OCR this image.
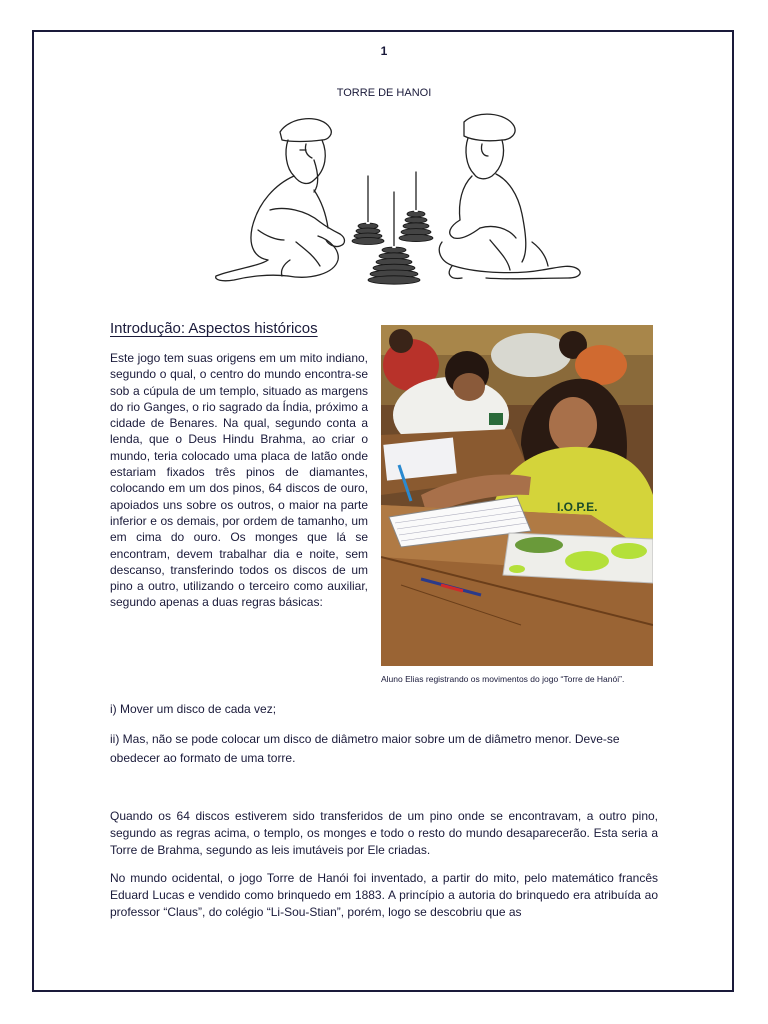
1
TORRE DE HANOI
Introdução: Aspectos históricos
Este jogo tem suas origens em um mito indiano, segundo o qual, o centro do mundo encontra-se sob a cúpula de um templo, situado as margens do rio Ganges, o rio sagrado da Índia, próximo a cidade de Benares. Na qual, segundo conta a lenda, que o Deus Hindu Brahma, ao criar o mundo, teria colocado uma placa de latão onde estariam fixados três pinos de diamantes, colocando em um dos pinos, 64 discos de ouro, apoiados uns sobre os outros, o maior na parte inferior e os demais, por ordem de tamanho, um em cima do ouro. Os monges que lá se encontram, devem trabalhar dia e noite, sem descanso, transferindo todos os discos de um pino a outro, utilizando o terceiro como auxiliar, segundo apenas a duas regras básicas:
I.O.P.E.
Aluno Elias registrando os movimentos do jogo “Torre de Hanói”.
i) Mover um disco de cada vez;
ii) Mas, não se pode colocar um disco de diâmetro maior sobre um de diâmetro menor. Deve-se obedecer ao formato de uma torre.
Quando os 64 discos estiverem sido transferidos de um pino onde se encontravam, a outro pino, segundo as regras acima, o templo, os monges e todo o resto do mundo desaparecerão. Esta seria a Torre de Brahma, segundo as leis imutáveis por Ele criadas.
No mundo ocidental, o jogo Torre de Hanói foi inventado, a partir do mito, pelo matemático francês Eduard Lucas e vendido como brinquedo em 1883. A princípio a autoria do brinquedo era atribuída ao professor “Claus”, do colégio “Li-Sou-Stian”, porém, logo se descobriu que as
